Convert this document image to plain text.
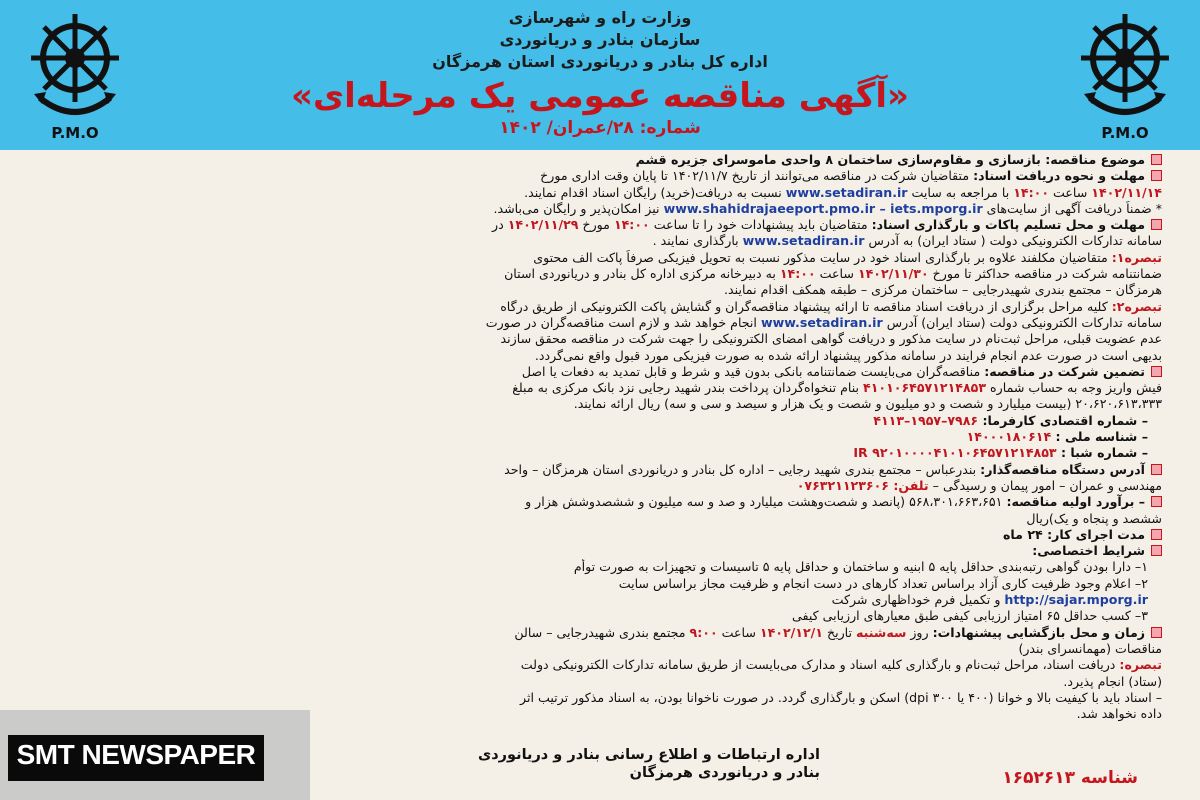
P.M.O
P.M.O
وزارت راه و شهرسازی
سازمان بنادر و دریانوردی
اداره کل بنادر و دریانوردی استان هرمزگان
«آگهی مناقصه عمومی یک مرحله‌ای»
شماره: ۲۸/عمران/ ۱۴۰۲
موضوع مناقصه: بازسازی و مقاوم‌سازی ساختمان ۸ واحدی ماموسرای جزیره قشم
مهلت و نحوه دریافت اسناد: متقاضیان شرکت در مناقصه می‌توانند از تاریخ ۱۴۰۲/۱۱/۷ تا پایان وقت اداری مورخ
۱۴۰۲/۱۱/۱۴ ساعت ۱۴:۰۰ با مراجعه به سایت www.setadiran.ir نسبت به دریافت(خرید) رایگان اسناد اقدام نمایند.
* ضمناً دریافت آگهی از سایت‌های www.shahidrajaeeport.pmo.ir – iets.mporg.ir نیز امکان‌پذیر و رایگان می‌باشد.
مهلت و محل تسلیم پاکات و بارگذاری اسناد: متقاضیان باید پیشنهادات خود را تا ساعت ۱۴:۰۰ مورخ ۱۴۰۲/۱۱/۲۹ در
سامانه تدارکات الکترونیکی دولت ( ستاد ایران) به آدرس www.setadiran.ir بارگذاری نمایند .
تبصره۱: متقاضیان مکلفند علاوه بر بارگذاری اسناد خود در سایت مذکور نسبت به تحویل فیزیکی صرفاً پاکت الف محتوی
ضمانتنامه شرکت در مناقصه حداکثر تا مورخ ۱۴۰۲/۱۱/۳۰ ساعت ۱۴:۰۰ به دبیرخانه مرکزی اداره کل بنادر و دریانوردی استان
هرمزگان – مجتمع بندری شهیدرجایی – ساختمان مرکزی – طبقه همکف اقدام نمایند.
تبصره۲: کلیه مراحل برگزاری از دریافت اسناد مناقصه تا ارائه پیشنهاد مناقصه‌گران و گشایش پاکت الکترونیکی از طریق درگاه
سامانه تدارکات الکترونیکی دولت (ستاد ایران) آدرس www.setadiran.ir انجام خواهد شد و لازم است مناقصه‌گران در صورت
عدم عضویت قبلی، مراحل ثبت‌نام در سایت مذکور و دریافت گواهی امضای الکترونیکی را جهت شرکت در مناقصه محقق سازند
بدیهی است در صورت عدم انجام فرایند در سامانه مذکور پیشنهاد ارائه شده به صورت فیزیکی مورد قبول واقع نمی‌گردد.
تضمین شرکت در مناقصه: مناقصه‌گران می‌بایست ضمانتنامه بانکی بدون قید و شرط و قابل تمدید به دفعات یا اصل
فیش واریز وجه به حساب شماره ۴۱۰۱۰۶۴۵۷۱۲۱۴۸۵۳ بنام تنخواه‌گردان پرداخت بندر شهید رجایی نزد بانک مرکزی به مبلغ
۲۰،۶۲۰،۶۱۳،۳۳۳ (بیست میلیارد و شصت و دو میلیون و شصت و یک هزار و سیصد و سی و سه) ریال ارائه نمایند.
– شماره اقتصادی کارفرما: ۷۹۸۶–۱۹۵۷–۴۱۱۳
– شناسه ملی : ۱۴۰۰۰۱۸۰۶۱۴
– شماره شبا : IR ۹۲۰۱۰۰۰۰۴۱۰۱۰۶۴۵۷۱۲۱۴۸۵۳
آدرس دستگاه مناقصه‌گذار: بندرعباس – مجتمع بندری شهید رجایی – اداره کل بنادر و دریانوردی استان هرمزگان – واحد
مهندسی و عمران – امور پیمان و رسیدگی – تلفن: ۰۷۶۳۲۱۱۲۳۶۰۶
– برآورد اولیه مناقصه: ۵۶۸،۳۰۱،۶۶۳،۶۵۱ (پانصد و شصت‌وهشت میلیارد و صد و سه میلیون و ششصدوشش هزار و
ششصد و پنجاه و یک)ریال
مدت اجرای کار: ۲۴ ماه
شرایط اختصاصی:
۱– دارا بودن گواهی رتبه‌بندی حداقل پایه ۵ ابنیه و ساختمان و حداقل پایه ۵ تاسیسات و تجهیزات به صورت توأم
۲– اعلام وجود ظرفیت کاری آزاد براساس تعداد کارهای در دست انجام و ظرفیت مجاز براساس سایت
http://sajar.mporg.ir و تکمیل فرم خوداظهاری شرکت
۳– کسب حداقل ۶۵ امتیاز ارزیابی کیفی طبق معیارهای ارزیابی کیفی
زمان و محل بازگشایی پیشنهادات: روز سه‌شنبه تاریخ ۱۴۰۲/۱۲/۱ ساعت ۹:۰۰ مجتمع بندری شهیدرجایی – سالن
مناقصات (مهمانسرای بندر)
تبصره: دریافت اسناد، مراحل ثبت‌نام و بارگذاری کلیه اسناد و مدارک می‌بایست از طریق سامانه تدارکات الکترونیکی دولت
(ستاد) انجام پذیرد.
– اسناد باید با کیفیت بالا و خوانا (۴۰۰ یا ۳۰۰ dpi) اسکن و بارگذاری گردد. در صورت ناخوانا بودن، به اسناد مذکور ترتیب اثر
داده نخواهد شد.
اداره ارتباطات و اطلاع رسانی بنادر و دریانوردی
بنادر و دریانوردی هرمزگان	شناسه ۱۶۵۲۶۱۳
SMT NEWSPAPER
